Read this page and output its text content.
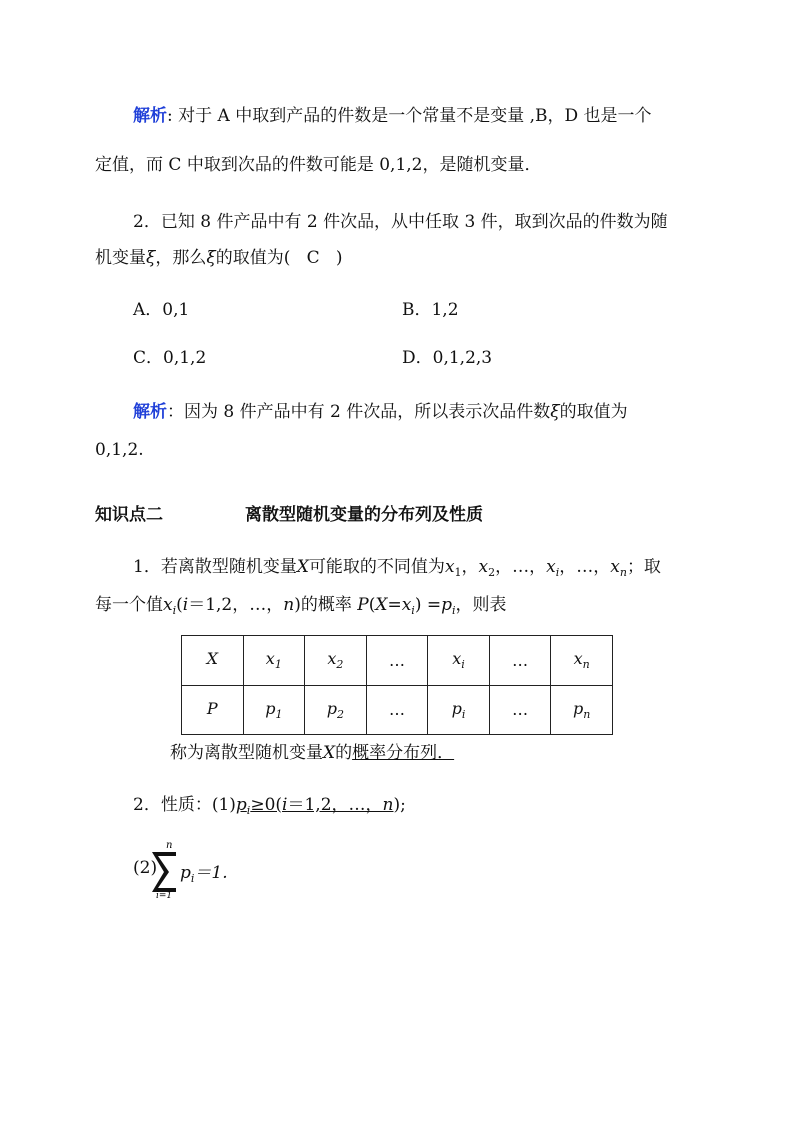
解析: 对于 A 中取到产品的件数是一个常量不是变量 ,B，D 也是一个
定值，而 C 中取到次品的件数可能是 0,1,2，是随机变量．
2．已知 8 件产品中有 2 件次品，从中任取 3 件，取到次品的件数为随
机变量ξ，那么ξ的取值为( C )
A．0,1	B．1,2
C．0,1,2	D．0,1,2,3
解析：因为 8 件产品中有 2 件次品，所以表示次品件数ξ的取值为
0,1,2.
知识点二	离散型随机变量的分布列及性质
1．若离散型随机变量X可能取的不同值为$x_1$，$x_2$，…，$x_i$，…，$x_n$；取
每一个值$x_i(i=1,2$，…，n)的概率 $P(X=x_i) =p_i$，则表
X	$x_1$	$x_2$	…	$x_i$	…	$x_n$
P	$p_1$	$p_2$	…	$p_i$	…	$p_n$
称为离散型随机变量X的概率分布列．
2．性质：$(1)p_i\ge 0(i=1,2$，…，n);
(2)
n
i=1
$p_i=1$.
